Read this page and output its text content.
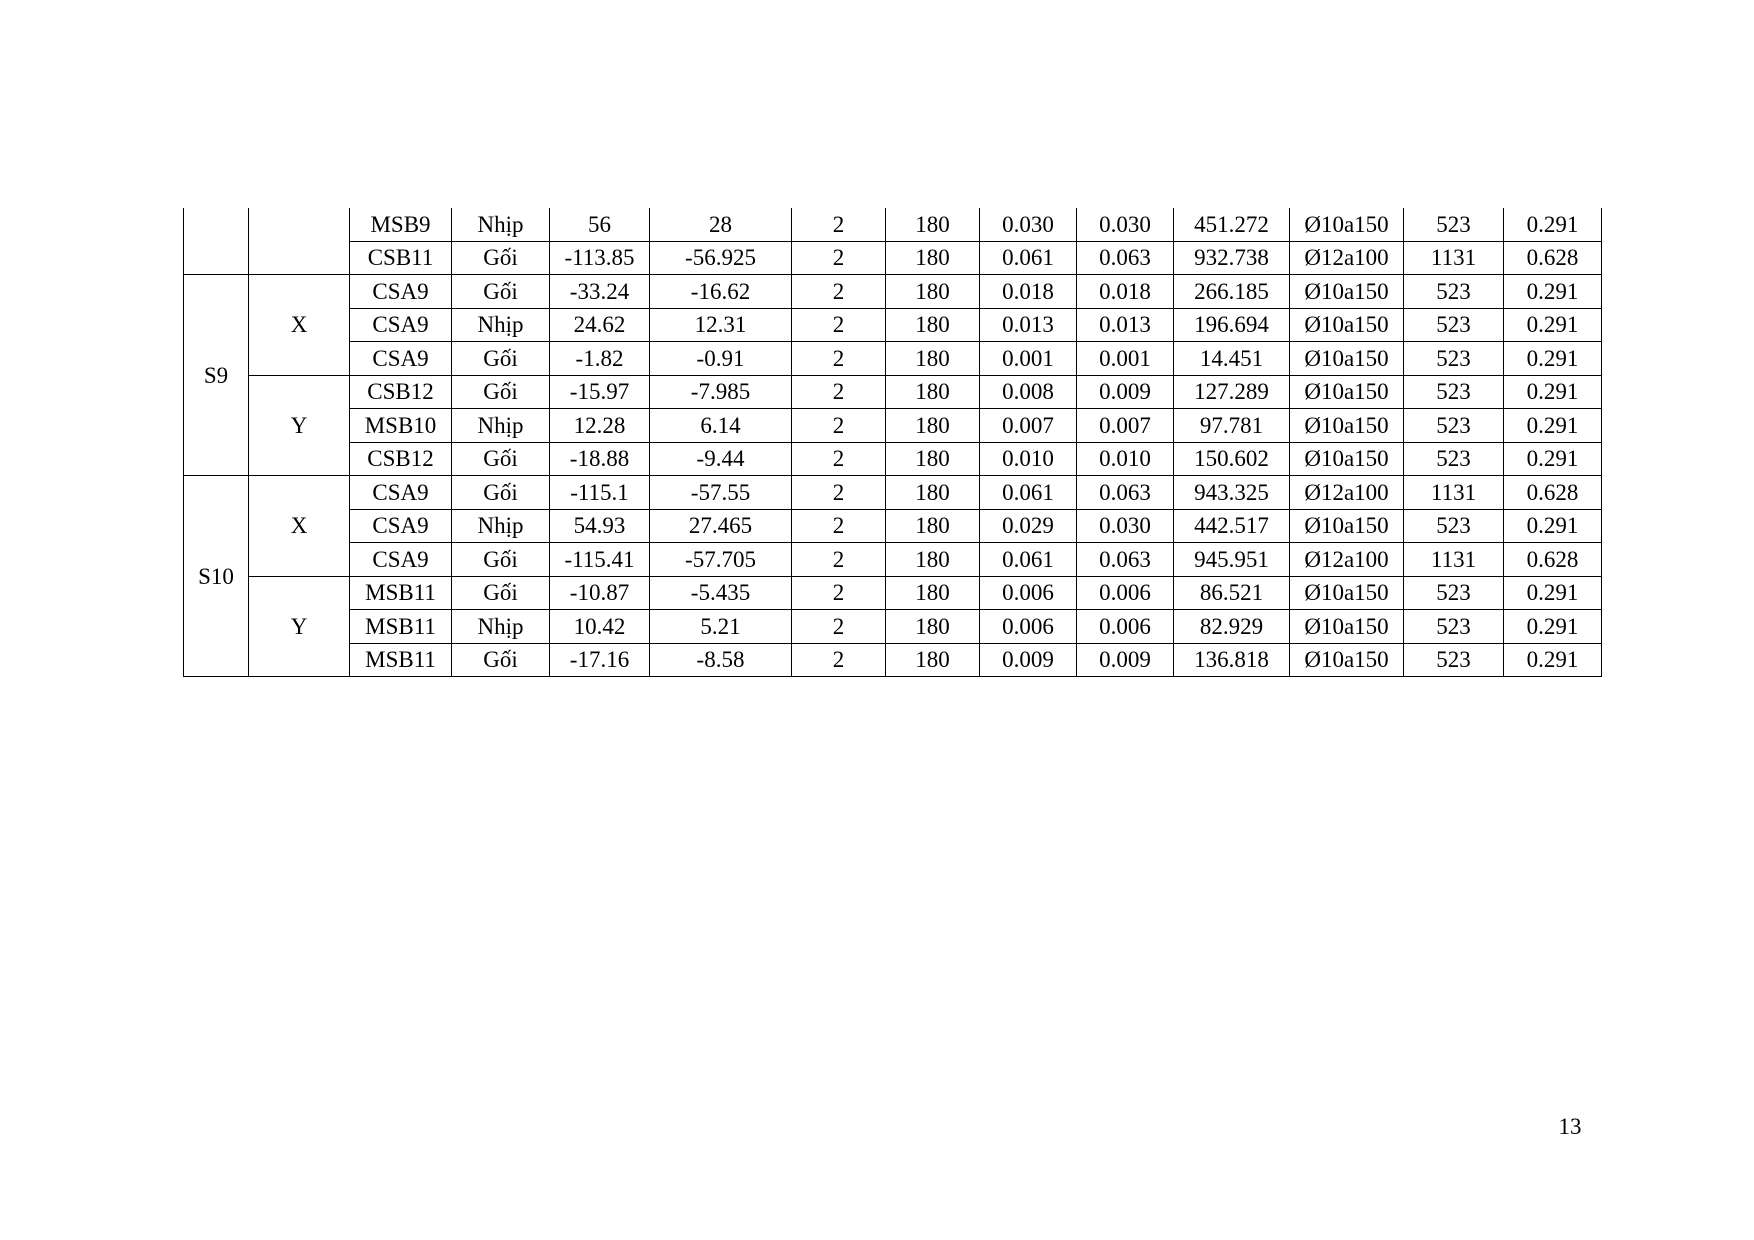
		MSB9	Nhịp	56	28	2	180	0.030	0.030	451.272	Ø10a150	523	0.291
		CSB11	Gối	-113.85	-56.925	2	180	0.061	0.063	932.738	Ø12a100	1131	0.628
S9	X	CSA9	Gối	-33.24	-16.62	2	180	0.018	0.018	266.185	Ø10a150	523	0.291
		CSA9	Nhịp	24.62	12.31	2	180	0.013	0.013	196.694	Ø10a150	523	0.291
		CSA9	Gối	-1.82	-0.91	2	180	0.001	0.001	14.451	Ø10a150	523	0.291
	Y	CSB12	Gối	-15.97	-7.985	2	180	0.008	0.009	127.289	Ø10a150	523	0.291
		MSB10	Nhịp	12.28	6.14	2	180	0.007	0.007	97.781	Ø10a150	523	0.291
		CSB12	Gối	-18.88	-9.44	2	180	0.010	0.010	150.602	Ø10a150	523	0.291
S10	X	CSA9	Gối	-115.1	-57.55	2	180	0.061	0.063	943.325	Ø12a100	1131	0.628
		CSA9	Nhịp	54.93	27.465	2	180	0.029	0.030	442.517	Ø10a150	523	0.291
		CSA9	Gối	-115.41	-57.705	2	180	0.061	0.063	945.951	Ø12a100	1131	0.628
	Y	MSB11	Gối	-10.87	-5.435	2	180	0.006	0.006	86.521	Ø10a150	523	0.291
		MSB11	Nhịp	10.42	5.21	2	180	0.006	0.006	82.929	Ø10a150	523	0.291
		MSB11	Gối	-17.16	-8.58	2	180	0.009	0.009	136.818	Ø10a150	523	0.291
13
